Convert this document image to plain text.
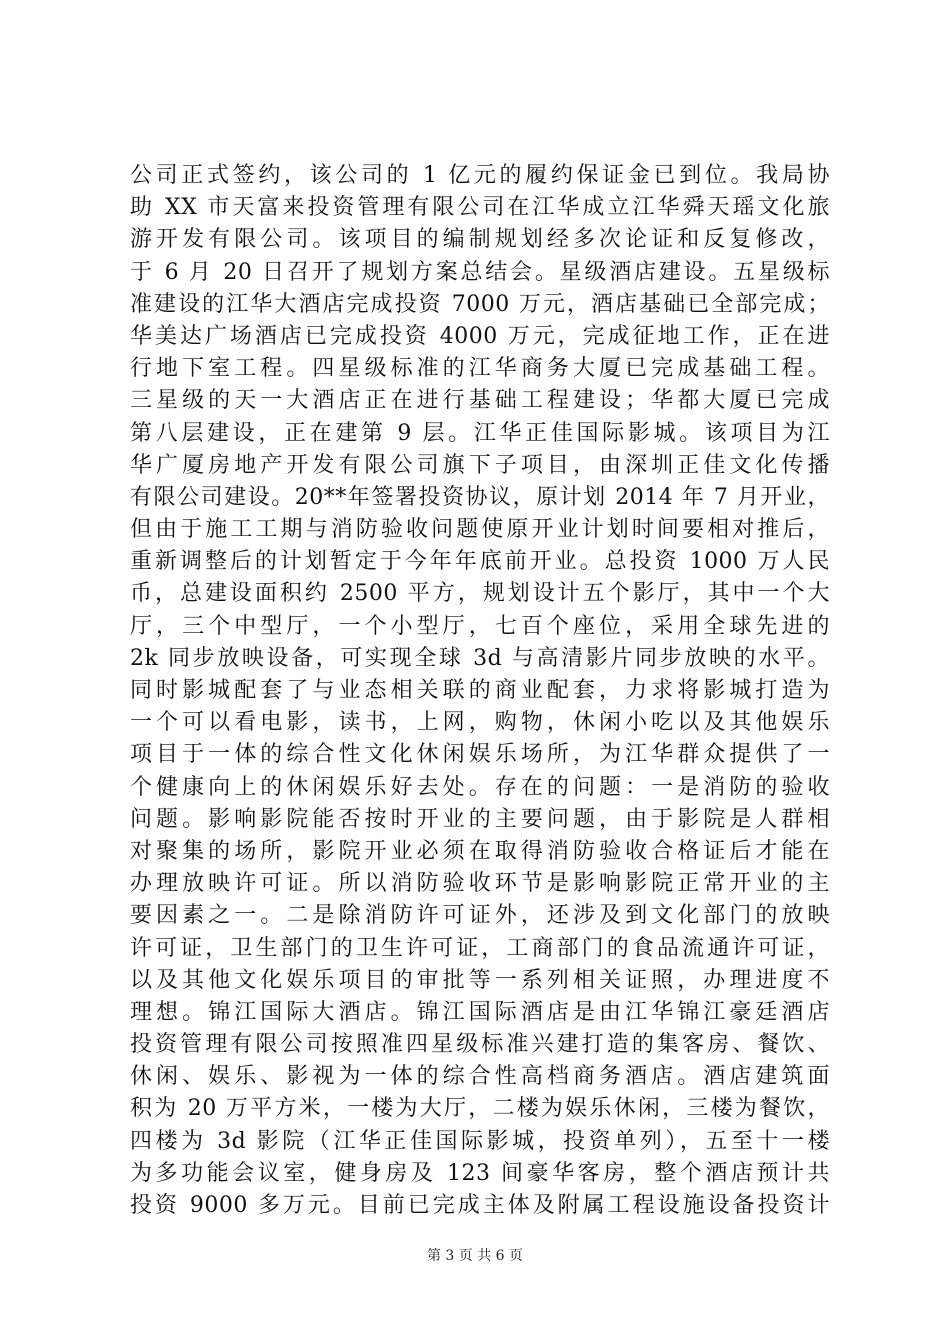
公司正式签约，该公司的 1 亿元的履约保证金已到位。我局协
助 XX 市天富来投资管理有限公司在江华成立江华舜天瑶文化旅
游开发有限公司。该项目的编制规划经多次论证和反复修改，
于 6 月 20 日召开了规划方案总结会。星级酒店建设。五星级标
准建设的江华大酒店完成投资 7000 万元，酒店基础已全部完成；
华美达广场酒店已完成投资 4000 万元，完成征地工作，正在进
行地下室工程。四星级标准的江华商务大厦已完成基础工程。
三星级的天一大酒店正在进行基础工程建设；华都大厦已完成
第八层建设，正在建第 9 层。江华正佳国际影城。该项目为江
华广厦房地产开发有限公司旗下子项目，由深圳正佳文化传播
有限公司建设。20**年签署投资协议，原计划 2014 年 7 月开业，
但由于施工工期与消防验收问题使原开业计划时间要相对推后，
重新调整后的计划暂定于今年年底前开业。总投资 1000 万人民
币，总建设面积约 2500 平方，规划设计五个影厅，其中一个大
厅，三个中型厅，一个小型厅，七百个座位，采用全球先进的
2k 同步放映设备，可实现全球 3d 与高清影片同步放映的水平。
同时影城配套了与业态相关联的商业配套，力求将影城打造为
一个可以看电影，读书，上网，购物，休闲小吃以及其他娱乐
项目于一体的综合性文化休闲娱乐场所，为江华群众提供了一
个健康向上的休闲娱乐好去处。存在的问题：一是消防的验收
问题。影响影院能否按时开业的主要问题，由于影院是人群相
对聚集的场所，影院开业必须在取得消防验收合格证后才能在
办理放映许可证。所以消防验收环节是影响影院正常开业的主
要因素之一。二是除消防许可证外，还涉及到文化部门的放映
许可证，卫生部门的卫生许可证，工商部门的食品流通许可证，
以及其他文化娱乐项目的审批等一系列相关证照，办理进度不
理想。锦江国际大酒店。锦江国际酒店是由江华锦江豪廷酒店
投资管理有限公司按照准四星级标准兴建打造的集客房、餐饮、
休闲、娱乐、影视为一体的综合性高档商务酒店。酒店建筑面
积为 20 万平方米，一楼为大厅，二楼为娱乐休闲，三楼为餐饮，
四楼为 3d 影院（江华正佳国际影城，投资单列），五至十一楼
为多功能会议室，健身房及 123 间豪华客房，整个酒店预计共
投资 9000 多万元。目前已完成主体及附属工程设施设备投资计
第 3 页 共 6 页
